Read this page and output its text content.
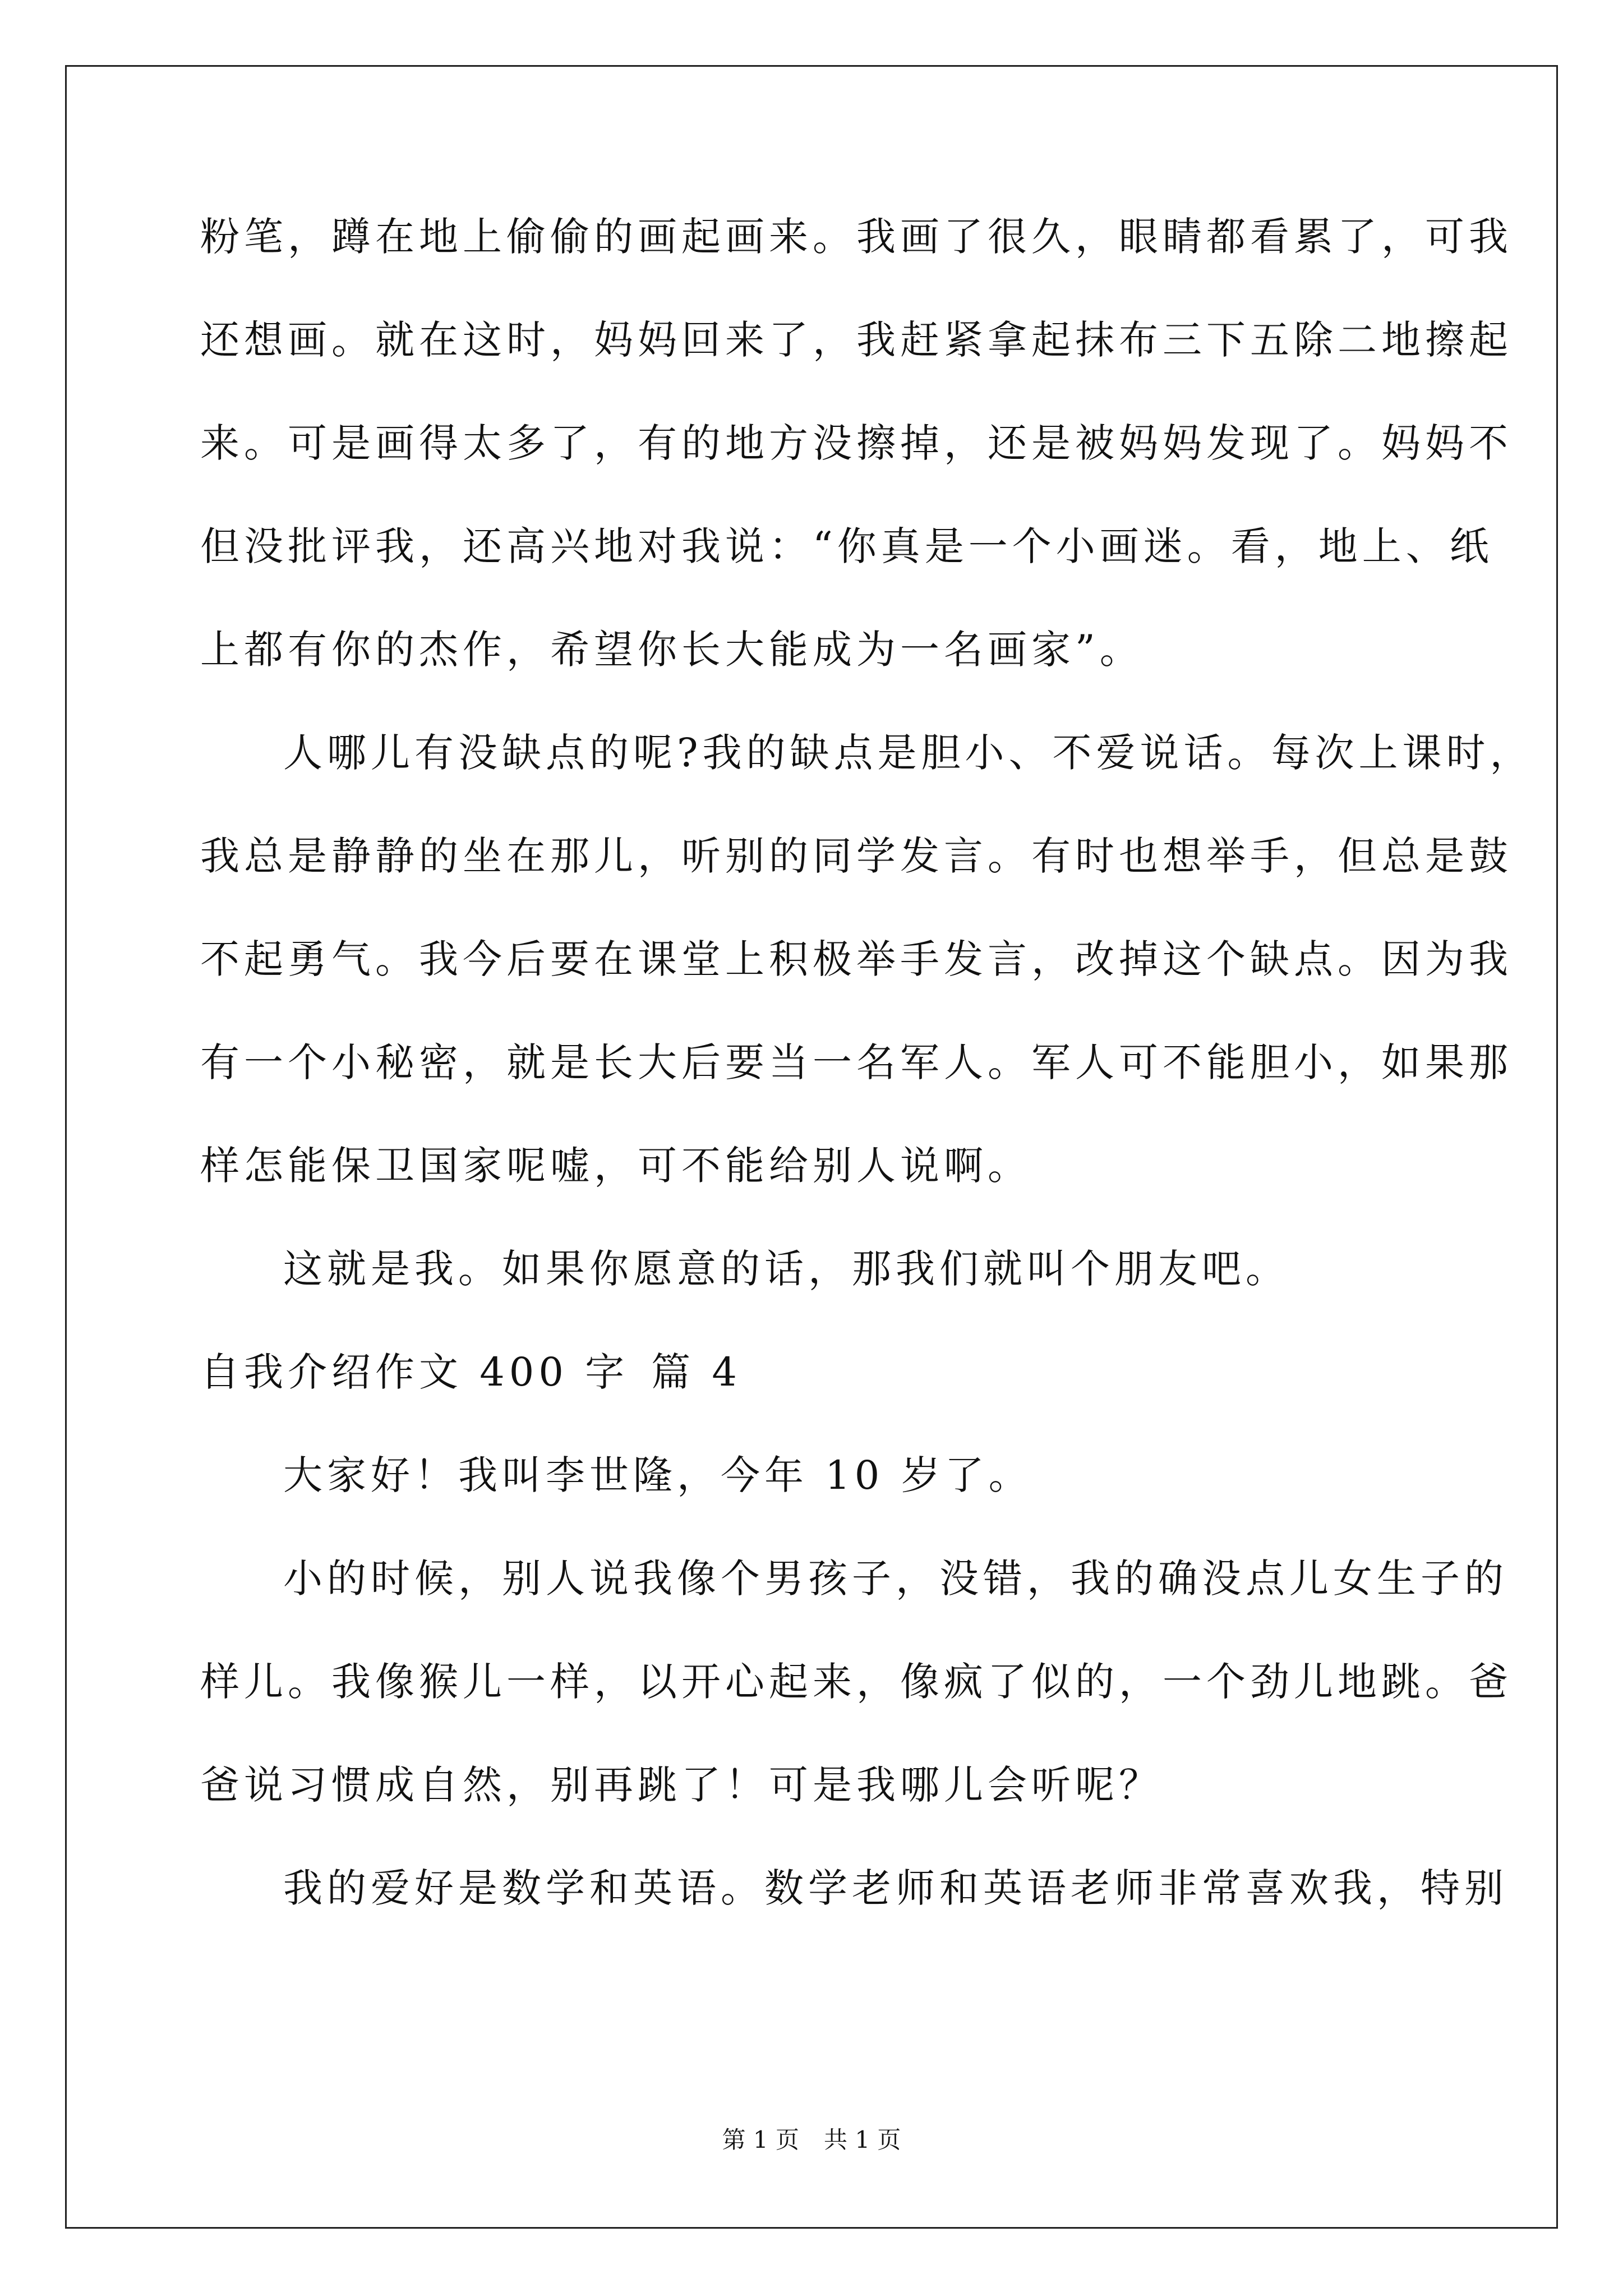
粉笔，蹲在地上偷偷的画起画来。我画了很久，眼睛都看累了，可我
还想画。就在这时，妈妈回来了，我赶紧拿起抹布三下五除二地擦起
来。可是画得太多了，有的地方没擦掉，还是被妈妈发现了。妈妈不
但没批评我，还高兴地对我说：“你真是一个小画迷。看，地上、纸
上都有你的杰作，希望你长大能成为一名画家”。
人哪儿有没缺点的呢?我的缺点是胆小、不爱说话。每次上课时，
我总是静静的坐在那儿，听别的同学发言。有时也想举手，但总是鼓
不起勇气。我今后要在课堂上积极举手发言，改掉这个缺点。因为我
有一个小秘密，就是长大后要当一名军人。军人可不能胆小，如果那
样怎能保卫国家呢嘘，可不能给别人说啊。
这就是我。如果你愿意的话，那我们就叫个朋友吧。
自我介绍作文 400 字 篇 4
大家好！我叫李世隆，今年 10 岁了。
小的时候，别人说我像个男孩子，没错，我的确没点儿女生子的
样儿。我像猴儿一样，以开心起来，像疯了似的，一个劲儿地跳。爸
爸说习惯成自然，别再跳了！可是我哪儿会听呢？
我的爱好是数学和英语。数学老师和英语老师非常喜欢我，特别
第 1 页 共 1 页
